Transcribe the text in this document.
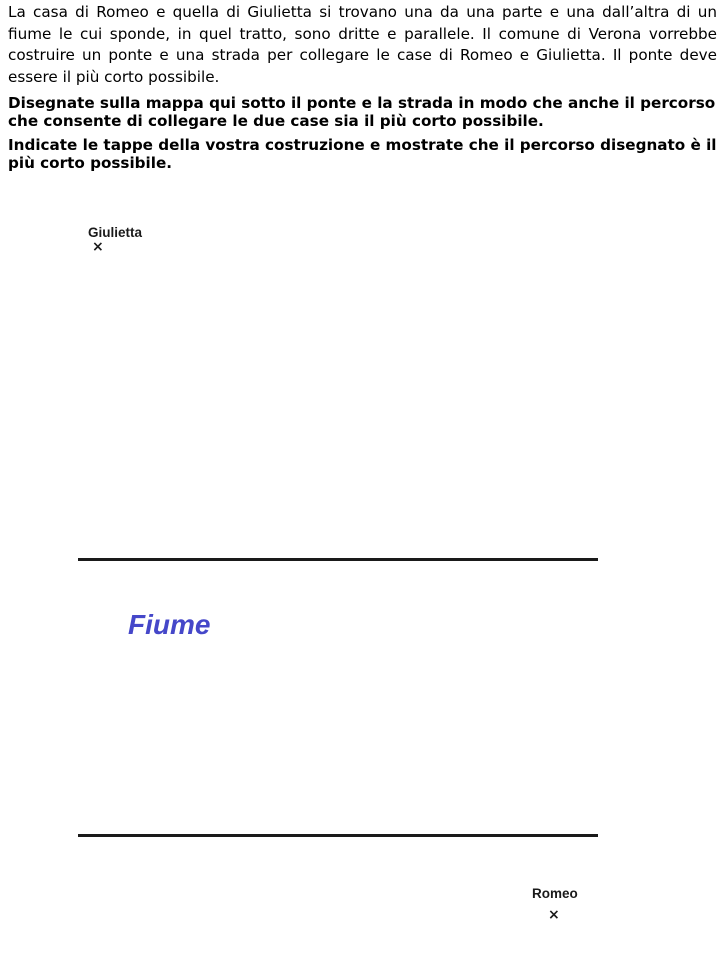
La casa di Romeo e quella di Giulietta si trovano una da una parte e una dall’altra di un fiume le cui sponde, in quel tratto, sono dritte e parallele. Il comune di Verona vorrebbe costruire un ponte e una strada per collegare le case di Romeo e Giulietta. Il ponte deve essere il più corto possibile.

Disegnate sulla mappa qui sotto il ponte e la strada in modo che anche il percorso che consente di collegare le due case sia il più corto possibile.

Indicate le tappe della vostra costruzione e mostrate che il percorso disegnato è il più corto possibile.

Giulietta
×
Fiume
Romeo
×
